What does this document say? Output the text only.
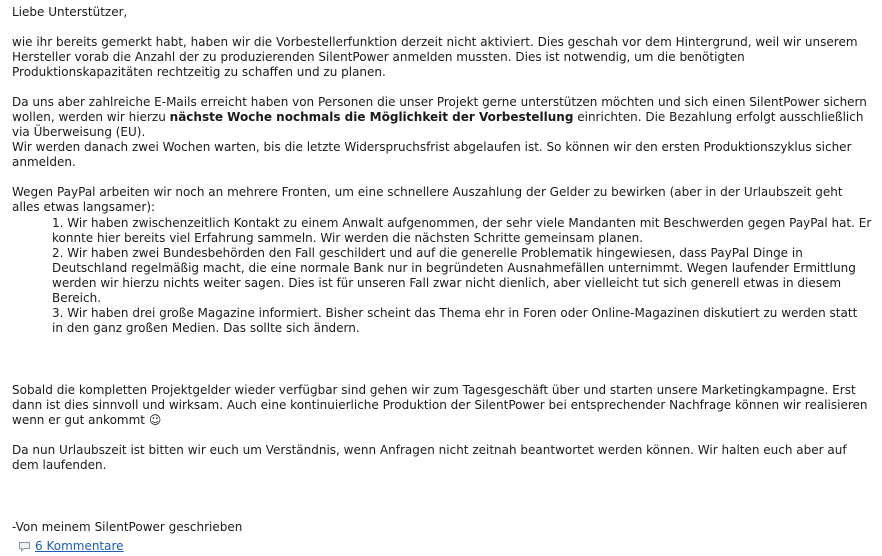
Liebe Unterstützer,

wie ihr bereits gemerkt habt, haben wir die Vorbestellerfunktion derzeit nicht aktiviert. Dies geschah vor dem Hintergrund, weil wir unserem Hersteller vorab die Anzahl der zu produzierenden SilentPower anmelden mussten. Dies ist notwendig, um die benötigten Produktionskapazitäten rechtzeitig zu schaffen und zu planen.

Da uns aber zahlreiche E-Mails erreicht haben von Personen die unser Projekt gerne unterstützen möchten und sich einen SilentPower sichern wollen, werden wir hierzu nächste Woche nochmals die Möglichkeit der Vorbestellung einrichten. Die Bezahlung erfolgt ausschließlich via Überweisung (EU).

Wir werden danach zwei Wochen warten, bis die letzte Widerspruchsfrist abgelaufen ist. So können wir den ersten Produktionszyklus sicher anmelden.

Wegen PayPal arbeiten wir noch an mehrere Fronten, um eine schnellere Auszahlung der Gelder zu bewirken (aber in der Urlaubszeit geht alles etwas langsamer):

1. Wir haben zwischenzeitlich Kontakt zu einem Anwalt aufgenommen, der sehr viele Mandanten mit Beschwerden gegen PayPal hat. Er konnte hier bereits viel Erfahrung sammeln. Wir werden die nächsten Schritte gemeinsam planen.
2. Wir haben zwei Bundesbehörden den Fall geschildert und auf die generelle Problematik hingewiesen, dass PayPal Dinge in Deutschland regelmäßig macht, die eine normale Bank nur in begründeten Ausnahmefällen unternimmt. Wegen laufender Ermittlung werden wir hierzu nichts weiter sagen. Dies ist für unseren Fall zwar nicht dienlich, aber vielleicht tut sich generell etwas in diesem Bereich.
3. Wir haben drei große Magazine informiert. Bisher scheint das Thema ehr in Foren oder Online-Magazinen diskutiert zu werden statt in den ganz großen Medien. Das sollte sich ändern.

Sobald die kompletten Projektgelder wieder verfügbar sind gehen wir zum Tagesgeschäft über und starten unsere Marketingkampagne. Erst dann ist dies sinnvoll und wirksam. Auch eine kontinuierliche Produktion der SilentPower bei entsprechender Nachfrage können wir realisieren wenn er gut ankommt ☺

Da nun Urlaubszeit ist bitten wir euch um Verständnis, wenn Anfragen nicht zeitnah beantwortet werden können. Wir halten euch aber auf dem laufenden.

-Von meinem SilentPower geschrieben

6 Kommentare
